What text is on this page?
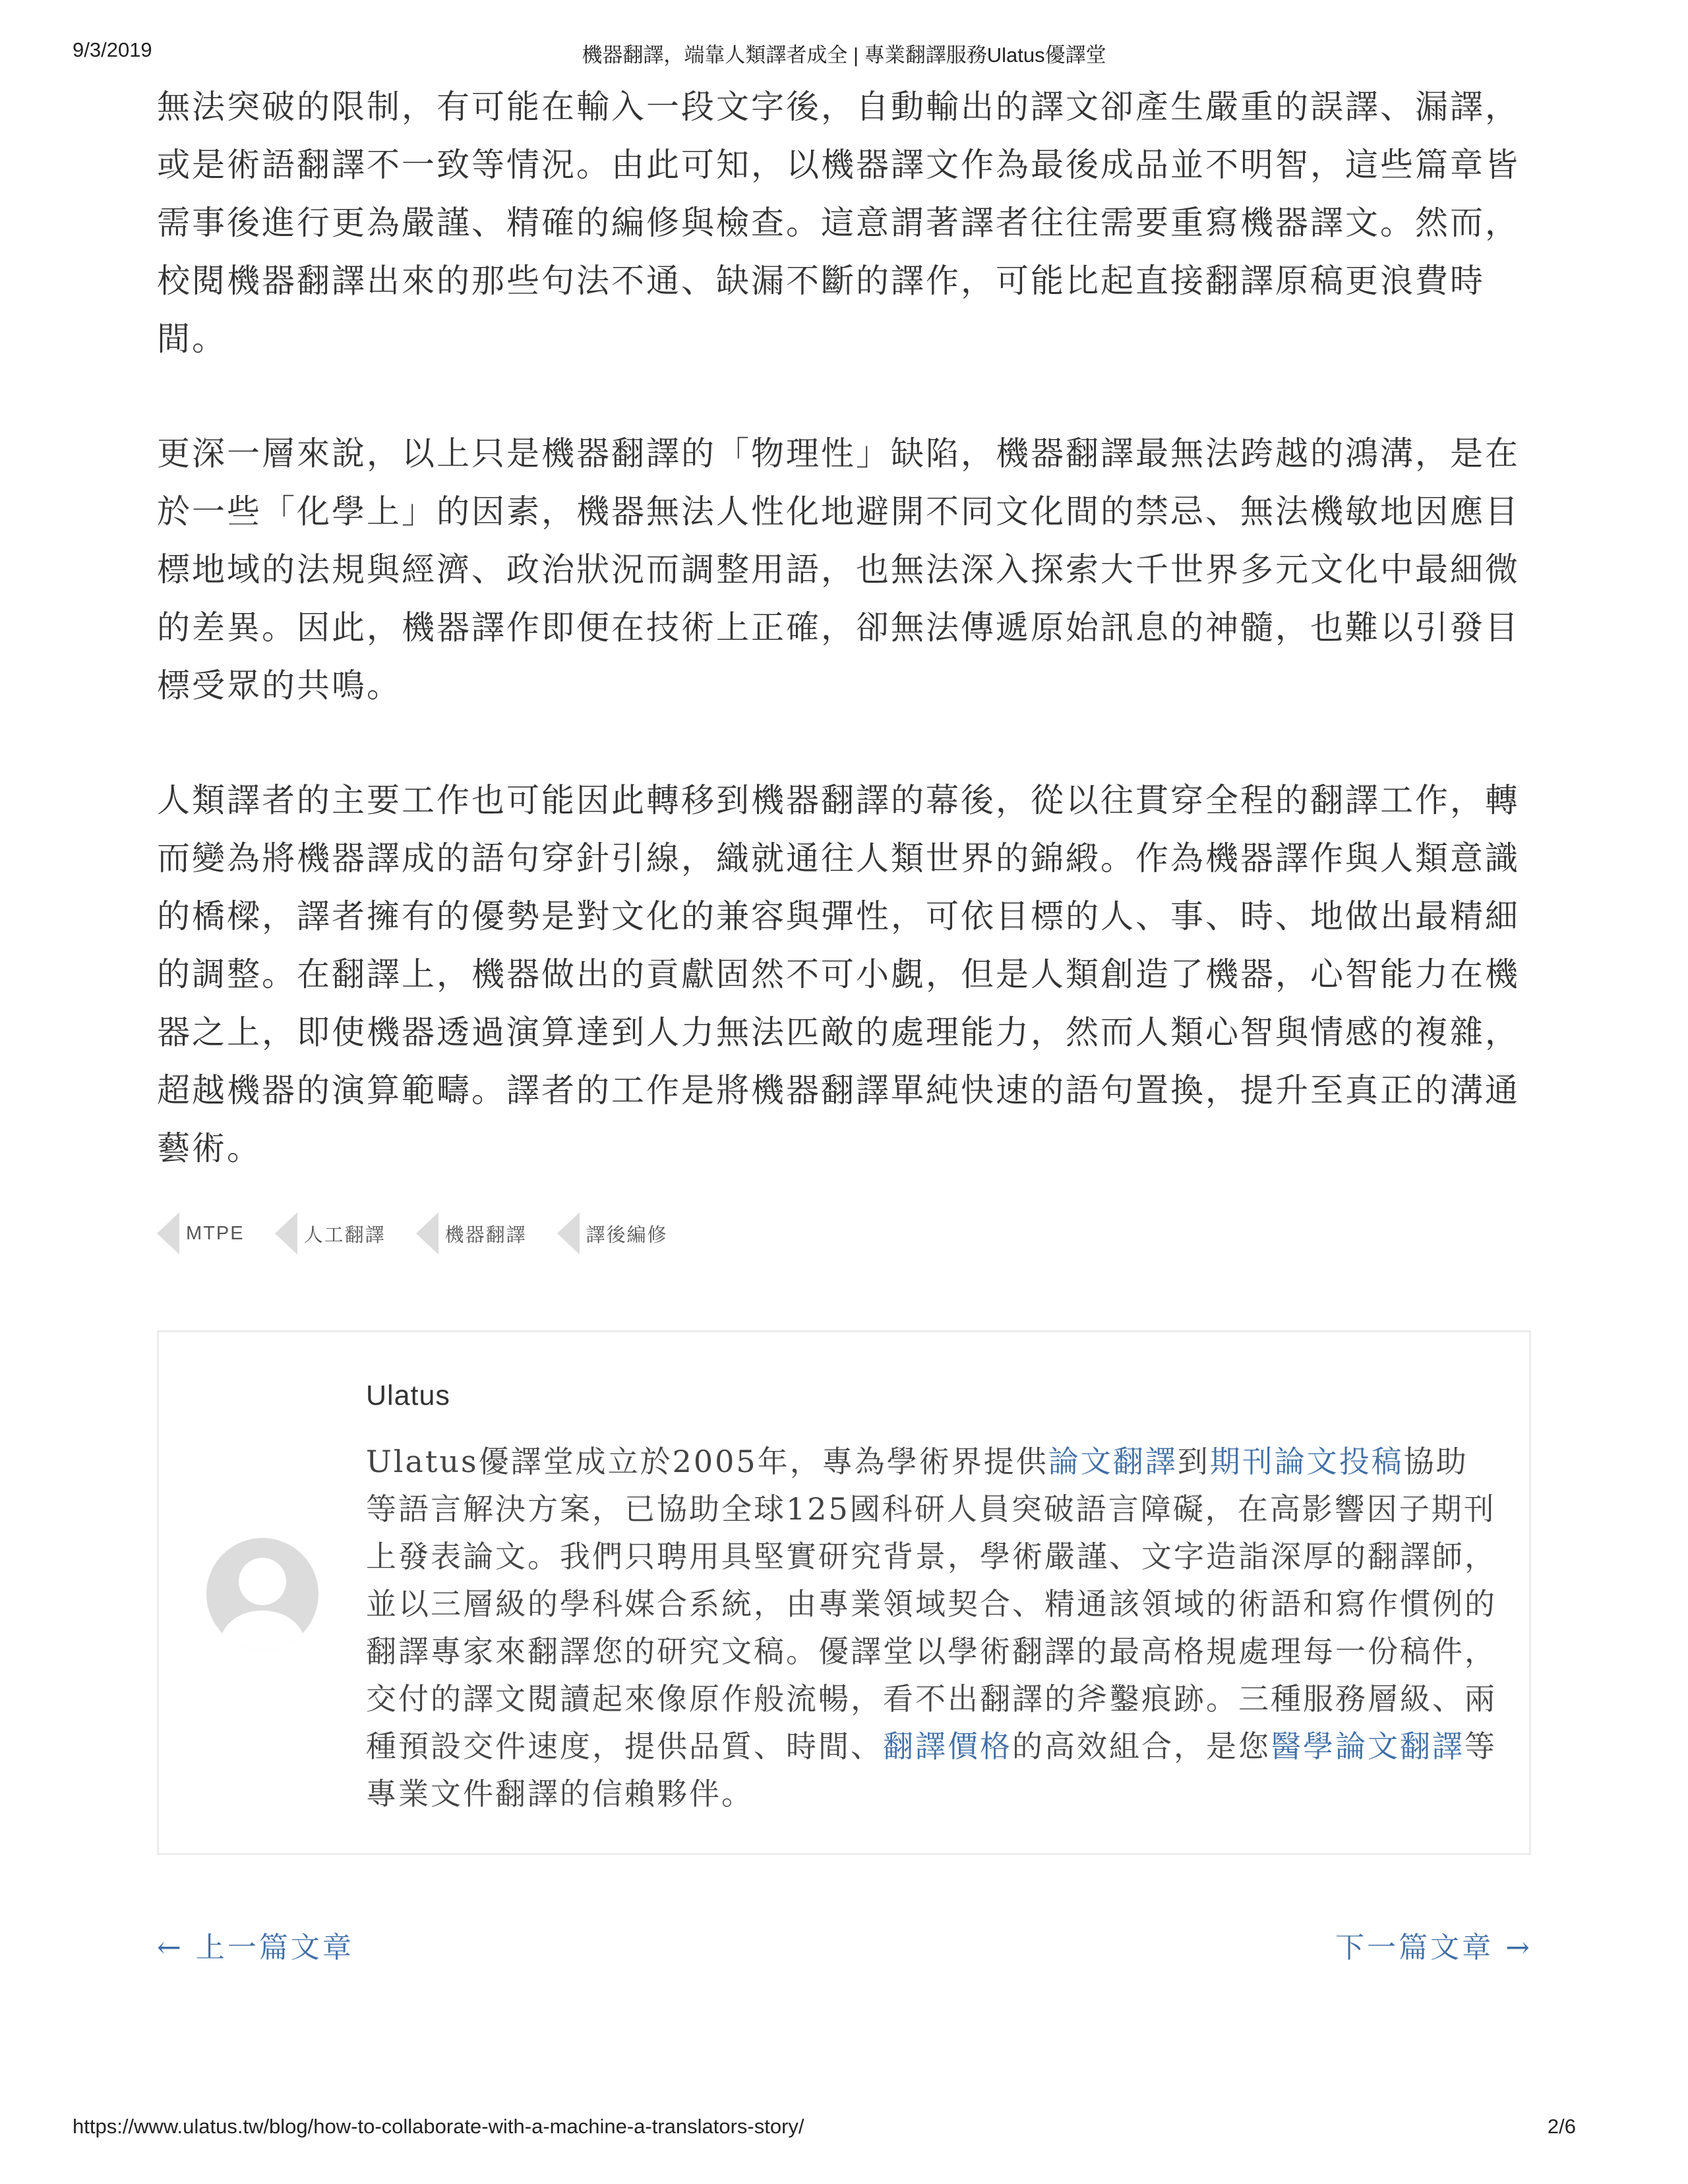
9/3/2019	機器翻譯，端靠人類譯者成全 | 專業翻譯服務Ulatus優譯堂

無法突破的限制，有可能在輸入一段文字後，自動輸出的譯文卻產生嚴重的誤譯、漏譯，或是術語翻譯不一致等情況。由此可知，以機器譯文作為最後成品並不明智，這些篇章皆需事後進行更為嚴謹、精確的編修與檢查。這意謂著譯者往往需要重寫機器譯文。然而，校閱機器翻譯出來的那些句法不通、缺漏不斷的譯作，可能比起直接翻譯原稿更浪費時間。

更深一層來說，以上只是機器翻譯的「物理性」缺陷，機器翻譯最無法跨越的鴻溝，是在於一些「化學上」的因素，機器無法人性化地避開不同文化間的禁忌、無法機敏地因應目標地域的法規與經濟、政治狀況而調整用語，也無法深入探索大千世界多元文化中最細微的差異。因此，機器譯作即便在技術上正確，卻無法傳遞原始訊息的神髓，也難以引發目標受眾的共鳴。

人類譯者的主要工作也可能因此轉移到機器翻譯的幕後，從以往貫穿全程的翻譯工作，轉而變為將機器譯成的語句穿針引線，織就通往人類世界的錦緞。作為機器譯作與人類意識的橋樑，譯者擁有的優勢是對文化的兼容與彈性，可依目標的人、事、時、地做出最精細的調整。在翻譯上，機器做出的貢獻固然不可小覷，但是人類創造了機器，心智能力在機器之上，即使機器透過演算達到人力無法匹敵的處理能力，然而人類心智與情感的複雜，超越機器的演算範疇。譯者的工作是將機器翻譯單純快速的語句置換，提升至真正的溝通藝術。

MTPE	人工翻譯	機器翻譯	譯後編修
Ulatus
Ulatus優譯堂成立於2005年，專為學術界提供論文翻譯到期刊論文投稿協助等語言解決方案，已協助全球125國科研人員突破語言障礙，在高影響因子期刊上發表論文。我們只聘用具堅實研究背景，學術嚴謹、文字造詣深厚的翻譯師，並以三層級的學科媒合系統，由專業領域契合、精通該領域的術語和寫作慣例的翻譯專家來翻譯您的研究文稿。優譯堂以學術翻譯的最高格規處理每一份稿件，交付的譯文閱讀起來像原作般流暢，看不出翻譯的斧鑿痕跡。三種服務層級、兩種預設交件速度，提供品質、時間、翻譯價格的高效組合，是您醫學論文翻譯等專業文件翻譯的信賴夥伴。
← 上一篇文章	下一篇文章 →
https://www.ulatus.tw/blog/how-to-collaborate-with-a-machine-a-translators-story/	2/6
